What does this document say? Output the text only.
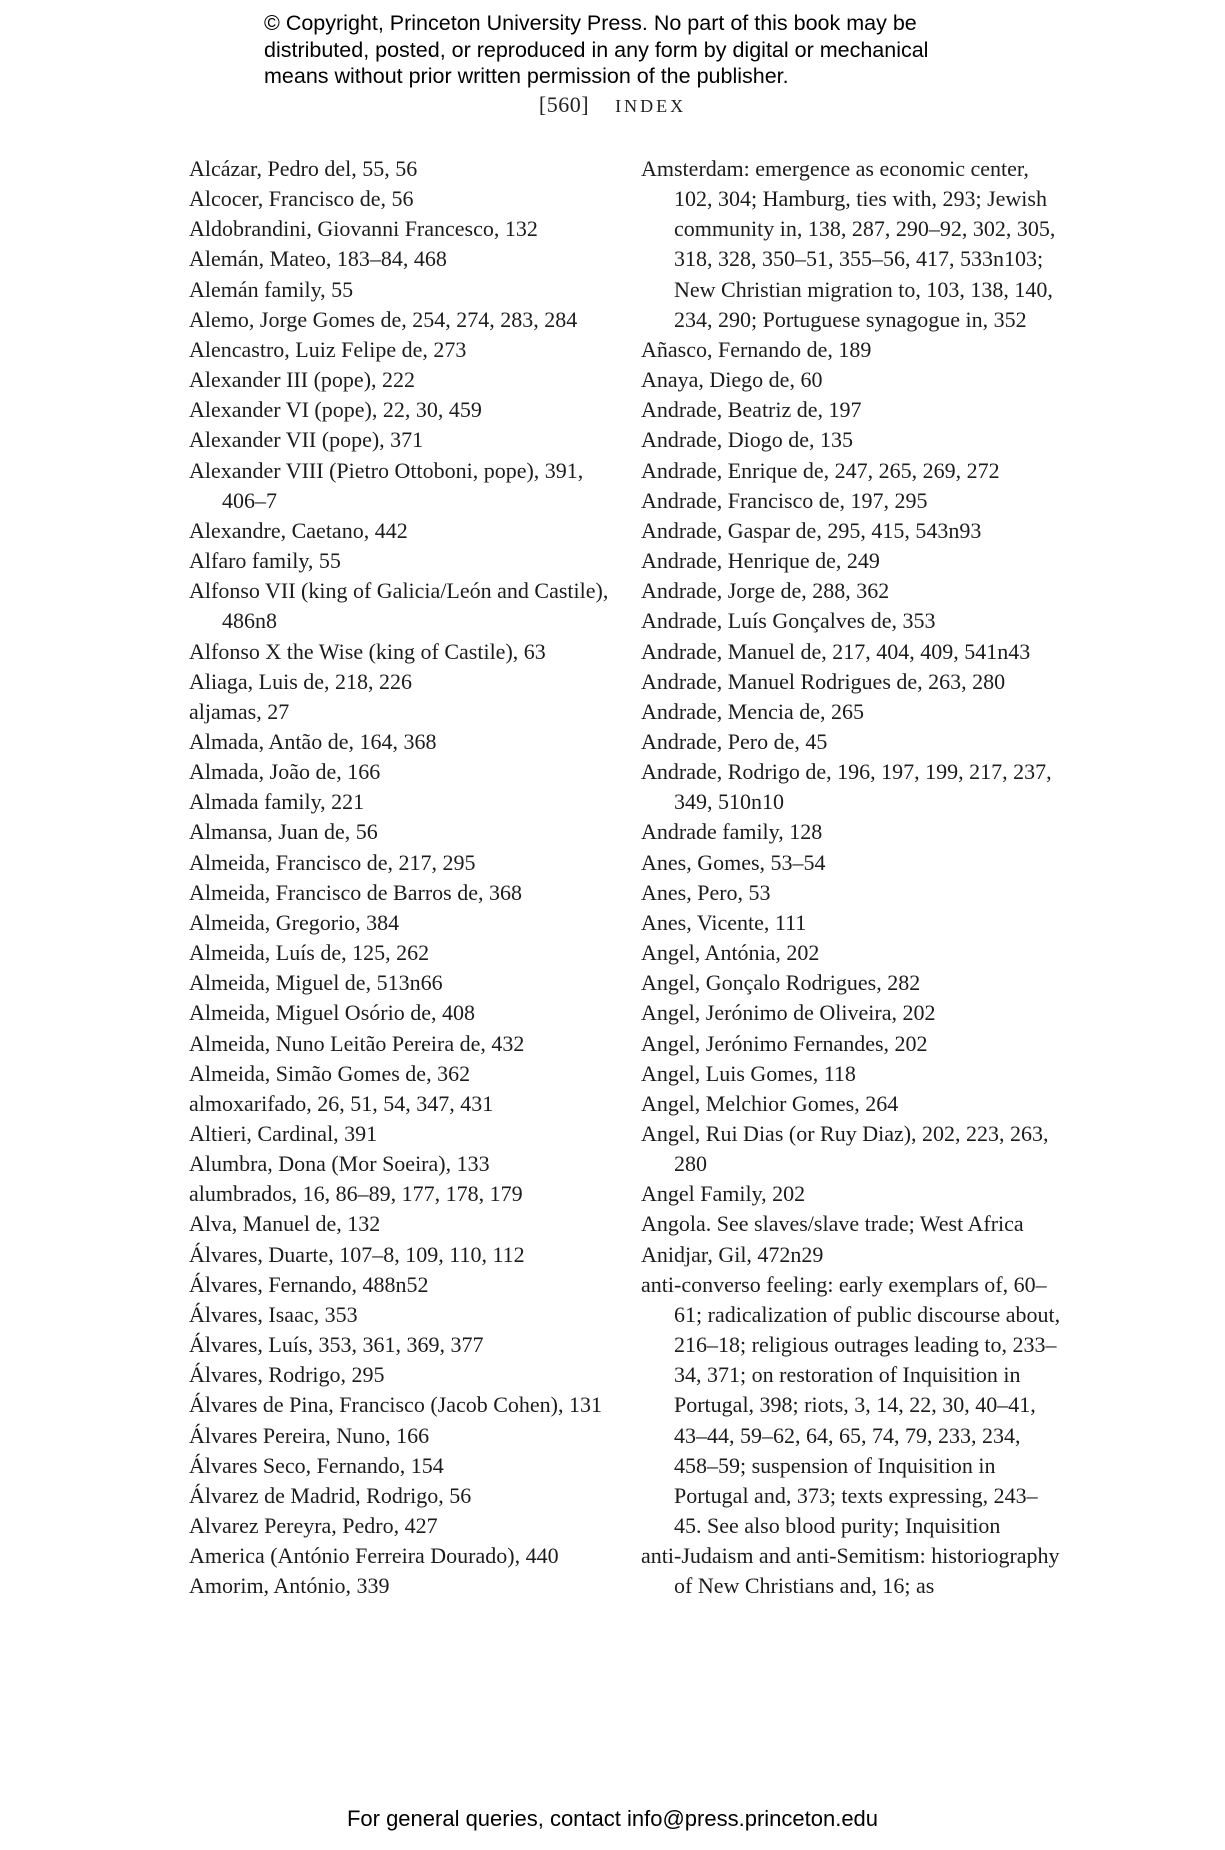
© Copyright, Princeton University Press. No part of this book may be
distributed, posted, or reproduced in any form by digital or mechanical
means without prior written permission of the publisher.
[560] INDEX
Alcázar, Pedro del, 55, 56
Alcocer, Francisco de, 56
Aldobrandini, Giovanni Francesco, 132
Alemán, Mateo, 183–84, 468
Alemán family, 55
Alemo, Jorge Gomes de, 254, 274, 283, 284
Alencastro, Luiz Felipe de, 273
Alexander III (pope), 222
Alexander VI (pope), 22, 30, 459
Alexander VII (pope), 371
Alexander VIII (Pietro Ottoboni, pope), 391, 406–7
Alexandre, Caetano, 442
Alfaro family, 55
Alfonso VII (king of Galicia/León and Castile), 486n8
Alfonso X the Wise (king of Castile), 63
Aliaga, Luis de, 218, 226
aljamas, 27
Almada, Antão de, 164, 368
Almada, João de, 166
Almada family, 221
Almansa, Juan de, 56
Almeida, Francisco de, 217, 295
Almeida, Francisco de Barros de, 368
Almeida, Gregorio, 384
Almeida, Luís de, 125, 262
Almeida, Miguel de, 513n66
Almeida, Miguel Osório de, 408
Almeida, Nuno Leitão Pereira de, 432
Almeida, Simão Gomes de, 362
almoxarifado, 26, 51, 54, 347, 431
Altieri, Cardinal, 391
Alumbra, Dona (Mor Soeira), 133
alumbrados, 16, 86–89, 177, 178, 179
Alva, Manuel de, 132
Álvares, Duarte, 107–8, 109, 110, 112
Álvares, Fernando, 488n52
Álvares, Isaac, 353
Álvares, Luís, 353, 361, 369, 377
Álvares, Rodrigo, 295
Álvares de Pina, Francisco (Jacob Cohen), 131
Álvares Pereira, Nuno, 166
Álvares Seco, Fernando, 154
Álvarez de Madrid, Rodrigo, 56
Alvarez Pereyra, Pedro, 427
America (António Ferreira Dourado), 440
Amorim, António, 339
Amsterdam: emergence as economic center, 102, 304; Hamburg, ties with, 293; Jewish community in, 138, 287, 290–92, 302, 305, 318, 328, 350–51, 355–56, 417, 533n103; New Christian migration to, 103, 138, 140, 234, 290; Portuguese synagogue in, 352
Añasco, Fernando de, 189
Anaya, Diego de, 60
Andrade, Beatriz de, 197
Andrade, Diogo de, 135
Andrade, Enrique de, 247, 265, 269, 272
Andrade, Francisco de, 197, 295
Andrade, Gaspar de, 295, 415, 543n93
Andrade, Henrique de, 249
Andrade, Jorge de, 288, 362
Andrade, Luís Gonçalves de, 353
Andrade, Manuel de, 217, 404, 409, 541n43
Andrade, Manuel Rodrigues de, 263, 280
Andrade, Mencia de, 265
Andrade, Pero de, 45
Andrade, Rodrigo de, 196, 197, 199, 217, 237, 349, 510n10
Andrade family, 128
Anes, Gomes, 53–54
Anes, Pero, 53
Anes, Vicente, 111
Angel, Antónia, 202
Angel, Gonçalo Rodrigues, 282
Angel, Jerónimo de Oliveira, 202
Angel, Jerónimo Fernandes, 202
Angel, Luis Gomes, 118
Angel, Melchior Gomes, 264
Angel, Rui Dias (or Ruy Diaz), 202, 223, 263, 280
Angel Family, 202
Angola. See slaves/slave trade; West Africa
Anidjar, Gil, 472n29
anti-converso feeling: early exemplars of, 60–61; radicalization of public discourse about, 216–18; religious outrages leading to, 233–34, 371; on restoration of Inquisition in Portugal, 398; riots, 3, 14, 22, 30, 40–41, 43–44, 59–62, 64, 65, 74, 79, 233, 234, 458–59; suspension of Inquisition in Portugal and, 373; texts expressing, 243–45. See also blood purity; Inquisition
anti-Judaism and anti-Semitism: historiography of New Christians and, 16; as
For general queries, contact info@press.princeton.edu
